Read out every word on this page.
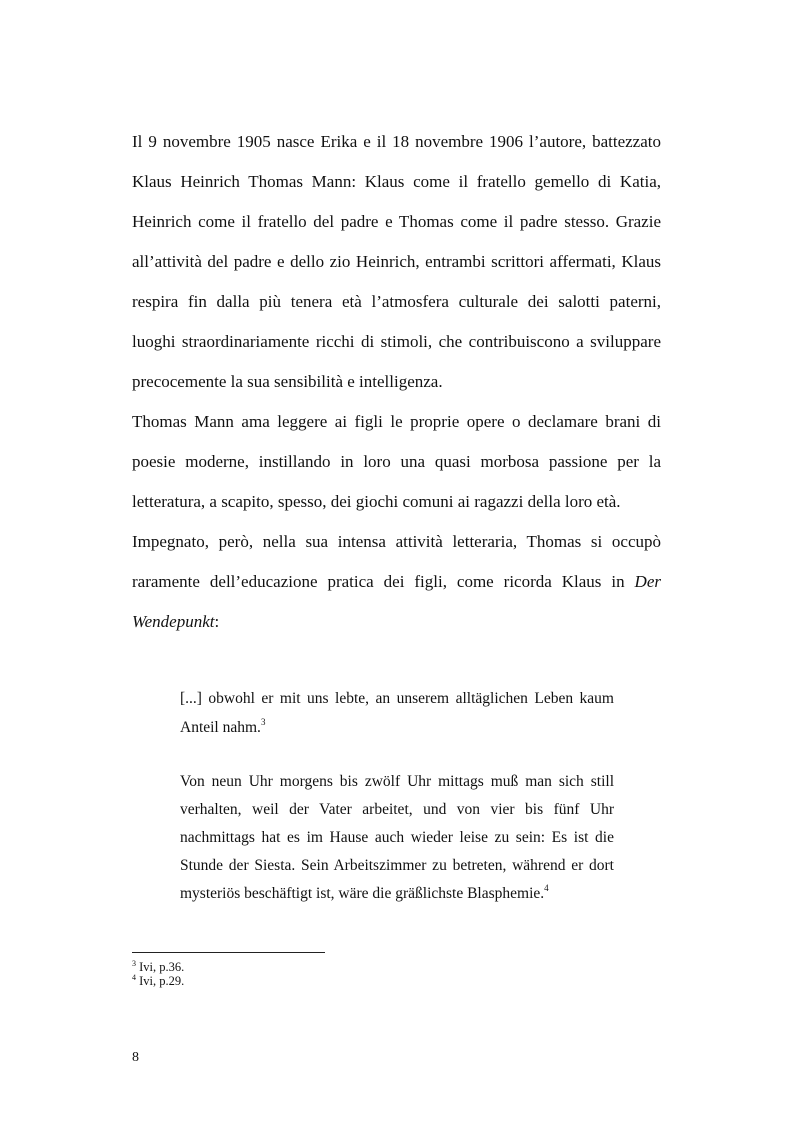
Il 9 novembre 1905 nasce Erika e il 18 novembre 1906 l’autore, battezzato
Klaus Heinrich Thomas Mann: Klaus come il fratello gemello di Katia,
Heinrich come il fratello del padre e Thomas come il padre stesso. Grazie
all’attività del padre e dello zio Heinrich, entrambi scrittori affermati, Klaus
respira fin dalla più tenera età l’atmosfera culturale dei salotti paterni,
luoghi straordinariamente ricchi di stimoli, che contribuiscono a sviluppare
precocemente la sua sensibilità e intelligenza.
Thomas Mann ama leggere ai figli le proprie opere o declamare brani di
poesie moderne, instillando in loro una quasi morbosa passione per la
letteratura, a scapito, spesso, dei giochi comuni ai ragazzi della loro età.
Impegnato, però, nella sua intensa attività letteraria, Thomas si occupò
raramente dell’educazione pratica dei figli, come ricorda Klaus in Der
Wendepunkt:
[...] obwohl er mit uns lebte, an unserem alltäglichen Leben kaum
Anteil nahm.$^3$
Von neun Uhr morgens bis zwölf Uhr mittags muß man sich still
verhalten, weil der Vater arbeitet, und von vier bis fünf Uhr
nachmittags hat es im Hause auch wieder leise zu sein: Es ist die
Stunde der Siesta. Sein Arbeitszimmer zu betreten, während er dort
mysteriös beschäftigt ist, wäre die gräßlichste Blasphemie.$^4$
$^3$ Ivi, p.36.
$^4$ Ivi, p.29.
8
